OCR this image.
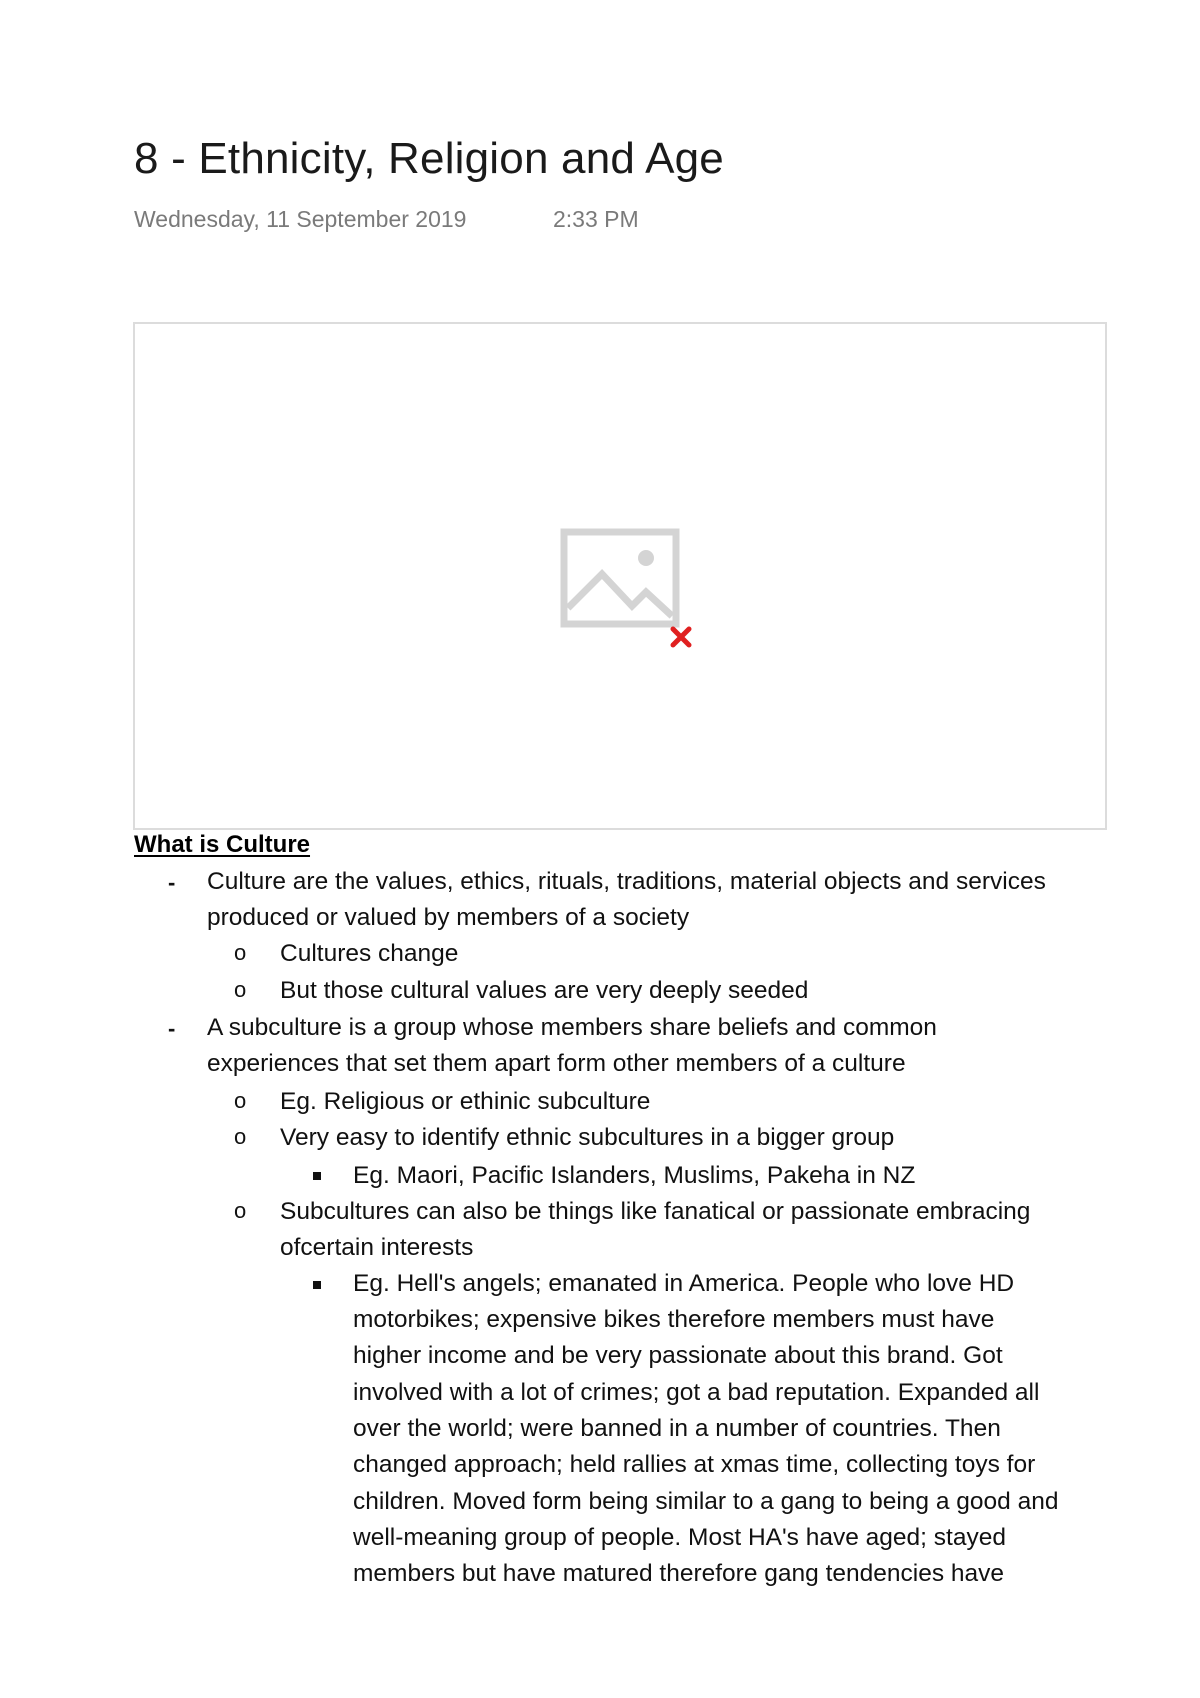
8 - Ethnicity, Religion and Age
Wednesday, 11 September 2019	2:33 PM
What is Culture
- Culture are the values, ethics, rituals, traditions, material objects and services
produced or valued by members of a society
o Cultures change
o But those cultural values are very deeply seeded
- A subculture is a group whose members share beliefs and common
experiences that set them apart form other members of a culture
o Eg. Religious or ethinic subculture
o Very easy to identify ethnic subcultures in a bigger group
Eg. Maori, Pacific Islanders, Muslims, Pakeha in NZ
o Subcultures can also be things like fanatical or passionate embracing
ofcertain interests
Eg. Hell's angels; emanated in America. People who love HD
motorbikes; expensive bikes therefore members must have
higher income and be very passionate about this brand. Got
involved with a lot of crimes; got a bad reputation. Expanded all
over the world; were banned in a number of countries. Then
changed approach; held rallies at xmas time, collecting toys for
children. Moved form being similar to a gang to being a good and
well-meaning group of people. Most HA's have aged; stayed
members but have matured therefore gang tendencies have
